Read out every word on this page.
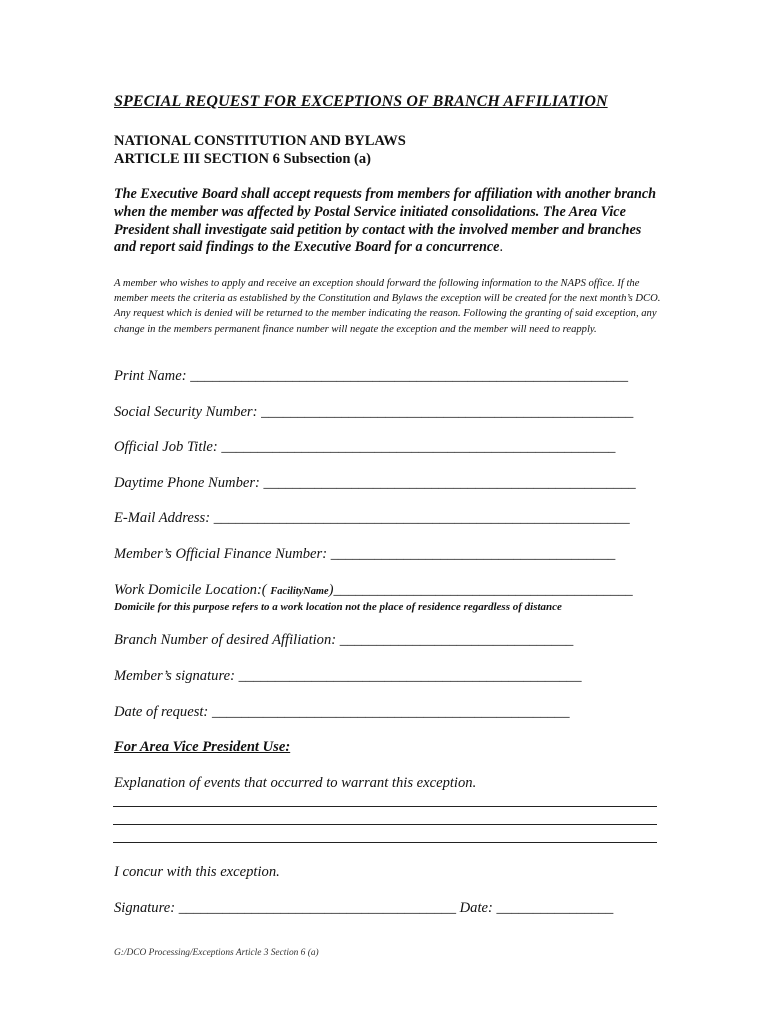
SPECIAL REQUEST FOR EXCEPTIONS OF BRANCH AFFILIATION
NATIONAL CONSTITUTION AND BYLAWS
ARTICLE III SECTION 6 Subsection (a)
The Executive Board shall accept requests from members for affiliation with another branch when the member was affected by Postal Service initiated consolidations. The Area Vice President shall investigate said petition by contact with the involved member and branches and report said findings to the Executive Board for a concurrence.
A member who wishes to apply and receive an exception should forward the following information to the NAPS office. If the member meets the criteria as established by the Constitution and Bylaws the exception will be created for the next month’s DCO. Any request which is denied will be returned to the member indicating the reason. Following the granting of said exception, any change in the members permanent finance number will negate the exception and the member will need to reapply.
Print Name: ____________________________________________________________
Social Security Number: ___________________________________________________
Official Job Title: ______________________________________________________
Daytime Phone Number: ___________________________________________________
E-Mail Address: _________________________________________________________
Member’s Official Finance Number: _______________________________________
Work Domicile Location:( FacilityName)_________________________________________
Domicile for this purpose refers to a work location not the place of residence regardless of distance
Branch Number of desired Affiliation: ________________________________
Member’s signature: _______________________________________________
Date of request: _________________________________________________
For Area Vice President Use:
Explanation of events that occurred to warrant this exception.
I concur with this exception.
Signature: ______________________________________ Date: ________________
G:/DCO Processing/Exceptions Article 3 Section 6 (a)
